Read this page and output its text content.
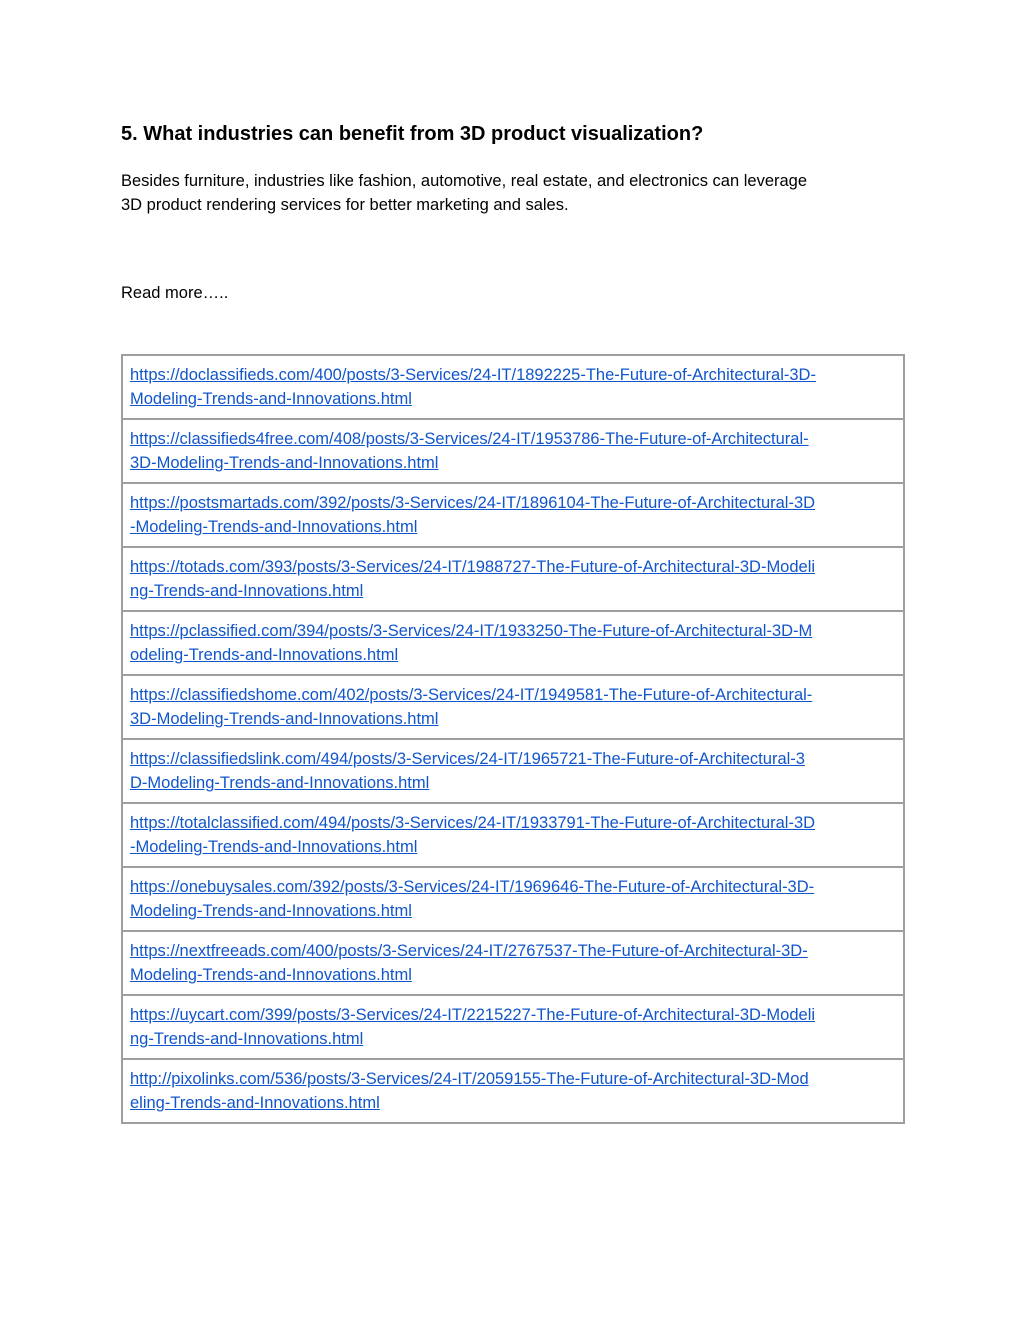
5. What industries can benefit from 3D product visualization?

Besides furniture, industries like fashion, automotive, real estate, and electronics can leverage
3D product rendering services for better marketing and sales.

Read more…..

https://doclassifieds.com/400/posts/3-Services/24-IT/1892225-The-Future-of-Architectural-3D-
Modeling-Trends-and-Innovations.html

https://classifieds4free.com/408/posts/3-Services/24-IT/1953786-The-Future-of-Architectural-
3D-Modeling-Trends-and-Innovations.html

https://postsmartads.com/392/posts/3-Services/24-IT/1896104-The-Future-of-Architectural-3D
-Modeling-Trends-and-Innovations.html

https://totads.com/393/posts/3-Services/24-IT/1988727-The-Future-of-Architectural-3D-Modeli
ng-Trends-and-Innovations.html

https://pclassified.com/394/posts/3-Services/24-IT/1933250-The-Future-of-Architectural-3D-M
odeling-Trends-and-Innovations.html

https://classifiedshome.com/402/posts/3-Services/24-IT/1949581-The-Future-of-Architectural-
3D-Modeling-Trends-and-Innovations.html

https://classifiedslink.com/494/posts/3-Services/24-IT/1965721-The-Future-of-Architectural-3
D-Modeling-Trends-and-Innovations.html

https://totalclassified.com/494/posts/3-Services/24-IT/1933791-The-Future-of-Architectural-3D
-Modeling-Trends-and-Innovations.html

https://onebuysales.com/392/posts/3-Services/24-IT/1969646-The-Future-of-Architectural-3D-
Modeling-Trends-and-Innovations.html

https://nextfreeads.com/400/posts/3-Services/24-IT/2767537-The-Future-of-Architectural-3D-
Modeling-Trends-and-Innovations.html

https://uycart.com/399/posts/3-Services/24-IT/2215227-The-Future-of-Architectural-3D-Modeli
ng-Trends-and-Innovations.html

http://pixolinks.com/536/posts/3-Services/24-IT/2059155-The-Future-of-Architectural-3D-Mod
eling-Trends-and-Innovations.html
